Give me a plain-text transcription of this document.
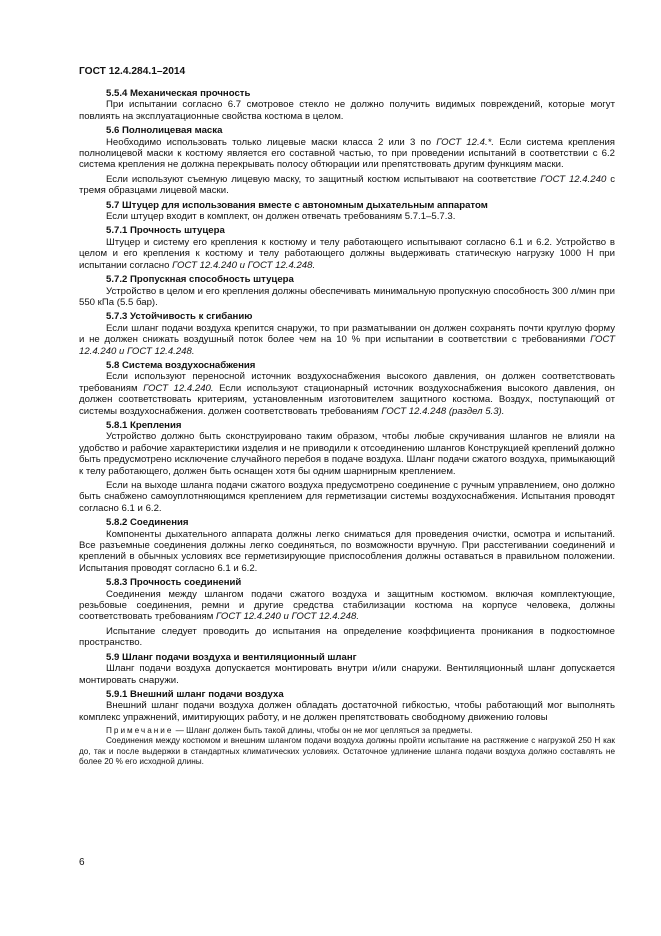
ГОСТ 12.4.284.1–2014

5.5.4 Механическая прочность

При испытании согласно 6.7 смотровое стекло не должно получить видимых повреждений, которые могут повлиять на эксплуатационные свойства костюма в целом.

5.6 Полнолицевая маска

Необходимо использовать только лицевые маски класса 2 или 3 по ГОСТ 12.4.*. Если система крепления полнолицевой маски к костюму является его составной частью, то при проведении испытаний в соответствии с 6.2 система крепления не должна перекрывать полосу обтюрации или препятствовать другим функциям маски.

Если используют съемную лицевую маску, то защитный костюм испытывают на соответствие ГОСТ 12.4.240 с тремя образцами лицевой маски.

5.7 Штуцер для использования вместе с автономным дыхательным аппаратом

Если штуцер входит в комплект, он должен отвечать требованиям 5.7.1–5.7.3.

5.7.1 Прочность штуцера

Штуцер и систему его крепления к костюму и телу работающего испытывают согласно 6.1 и 6.2. Устройство в целом и его крепления к костюму и телу работающего должны выдерживать статическую нагрузку 1000 Н при испытании согласно ГОСТ 12.4.240 и ГОСТ 12.4.248.

5.7.2 Пропускная способность штуцера

Устройство в целом и его крепления должны обеспечивать минимальную пропускную способность 300 л/мин при 550 кПа (5.5 бар).

5.7.3 Устойчивость к сгибанию

Если шланг подачи воздуха крепится снаружи, то при разматывании он должен сохранять почти круглую форму и не должен снижать воздушный поток более чем на 10 % при испытании в соответствии с требованиями ГОСТ 12.4.240 и ГОСТ 12.4.248.

5.8 Система воздухоснабжения

Если используют переносной источник воздухоснабжения высокого давления, он должен соответствовать требованиям ГОСТ 12.4.240. Если используют стационарный источник воздухоснабжения высокого давления, он должен соответствовать критериям, установленным изготовителем защитного костюма. Воздух, поступающий от системы воздухоснабжения. должен соответствовать требованиям ГОСТ 12.4.248 (раздел 5.3).

5.8.1 Крепления

Устройство должно быть сконструировано таким образом, чтобы любые скручивания шлангов не влияли на удобство и рабочие характеристики изделия и не приводили к отсоединению шлангов Конструкцией креплений должно быть предусмотрено исключение случайного перебоя в подаче воздуха. Шланг подачи сжатого воздуха, примыкающий к телу работающего, должен быть оснащен хотя бы одним шарнирным креплением.

Если на выходе шланга подачи сжатого воздуха предусмотрено соединение с ручным управлением, оно должно быть снабжено самоуплотняющимся креплением для герметизации системы воздухоснабжения. Испытания проводят согласно 6.1 и 6.2.

5.8.2 Соединения

Компоненты дыхательного аппарата должны легко сниматься для проведения очистки, осмотра и испытаний. Все разъемные соединения должны легко соединяться, по возможности вручную. При расстегивании соединений и креплений в обычных условиях все герметизирующие приспособления должны оставаться в правильном положении. Испытания проводят согласно 6.1 и 6.2.

5.8.3 Прочность соединений

Соединения между шлангом подачи сжатого воздуха и защитным костюмом. включая комплектующие, резьбовые соединения, ремни и другие средства стабилизации костюма на корпусе человека, должны соответствовать требованиям ГОСТ 12.4.240 и ГОСТ 12.4.248.

Испытание следует проводить до испытания на определение коэффициента проникания в подкостюмное пространство.

5.9 Шланг подачи воздуха и вентиляционный шланг

Шланг подачи воздуха допускается монтировать внутри и/или снаружи. Вентиляционный шланг допускается монтировать снаружи.

5.9.1 Внешний шланг подачи воздуха

Внешний шланг подачи воздуха должен обладать достаточной гибкостью, чтобы работающий мог выполнять комплекс упражнений, имитирующих работу, и не должен препятствовать свободному движению головы

Примечание — Шланг должен быть такой длины, чтобы он не мог цепляться за предметы.

Соединения между костюмом и внешним шлангом подачи воздуха должны пройти испытание на растяжение с нагрузкой 250 Н как до, так и после выдержки в стандартных климатических условиях. Остаточное удлинение шланга подачи воздуха должно составлять не более 20 % его исходной длины.

6
